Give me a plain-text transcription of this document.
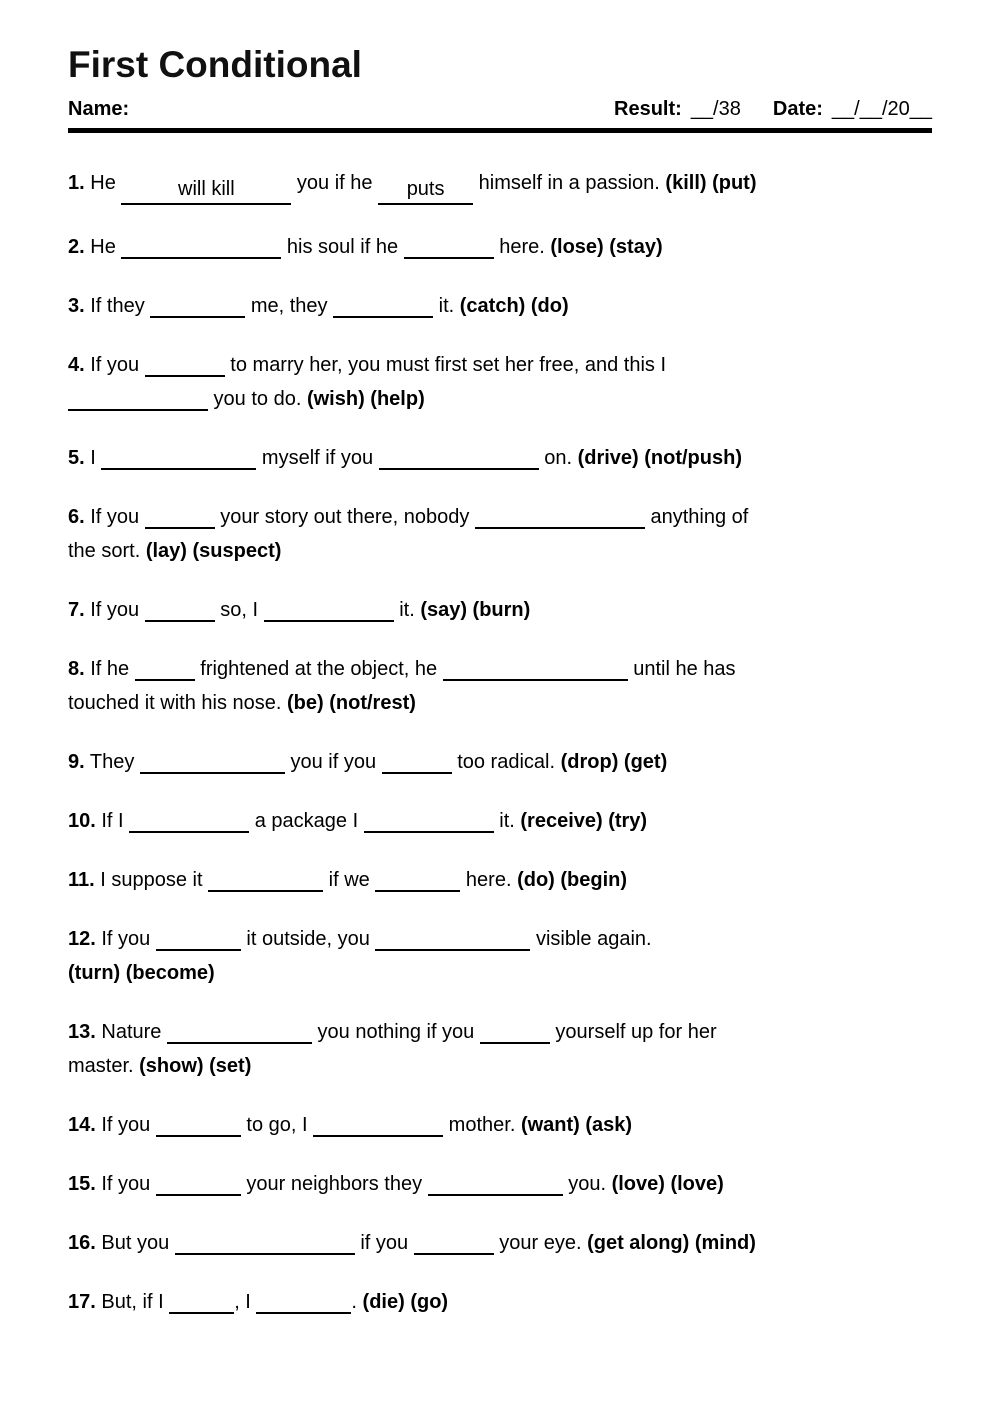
First Conditional
Name:	Result: __/38 Date: __/__/20__

1. He	will kill	you if he puts himself in a passion. (kill) (put)

2. He	his soul if he	here. (lose) (stay)

3. If they	me, they	it. (catch) (do)

4. If you	to marry her, you must first set her free, and this I
you to do. (wish) (help)

5. I	myself if you	on. (drive) (not/push)

6. If you	your story out there, nobody	anything of
the sort. (lay) (suspect)

7. If you	so, I	it. (say) (burn)

8. If he	frightened at the object, he	until he has
touched it with his nose. (be) (not/rest)

9. They	you if you	too radical. (drop) (get)

10. If I	a package I	it. (receive) (try)

11. I suppose it	if we	here. (do) (begin)

12. If you	it outside, you	visible again.
(turn) (become)

13. Nature	you nothing if you	yourself up for her
master. (show) (set)

14. If you	to go, I	mother. (want) (ask)

15. If you	your neighbors they	you. (love) (love)

16. But you	if you	your eye. (get along) (mind)

17. But, if I	, I	. (die) (go)
